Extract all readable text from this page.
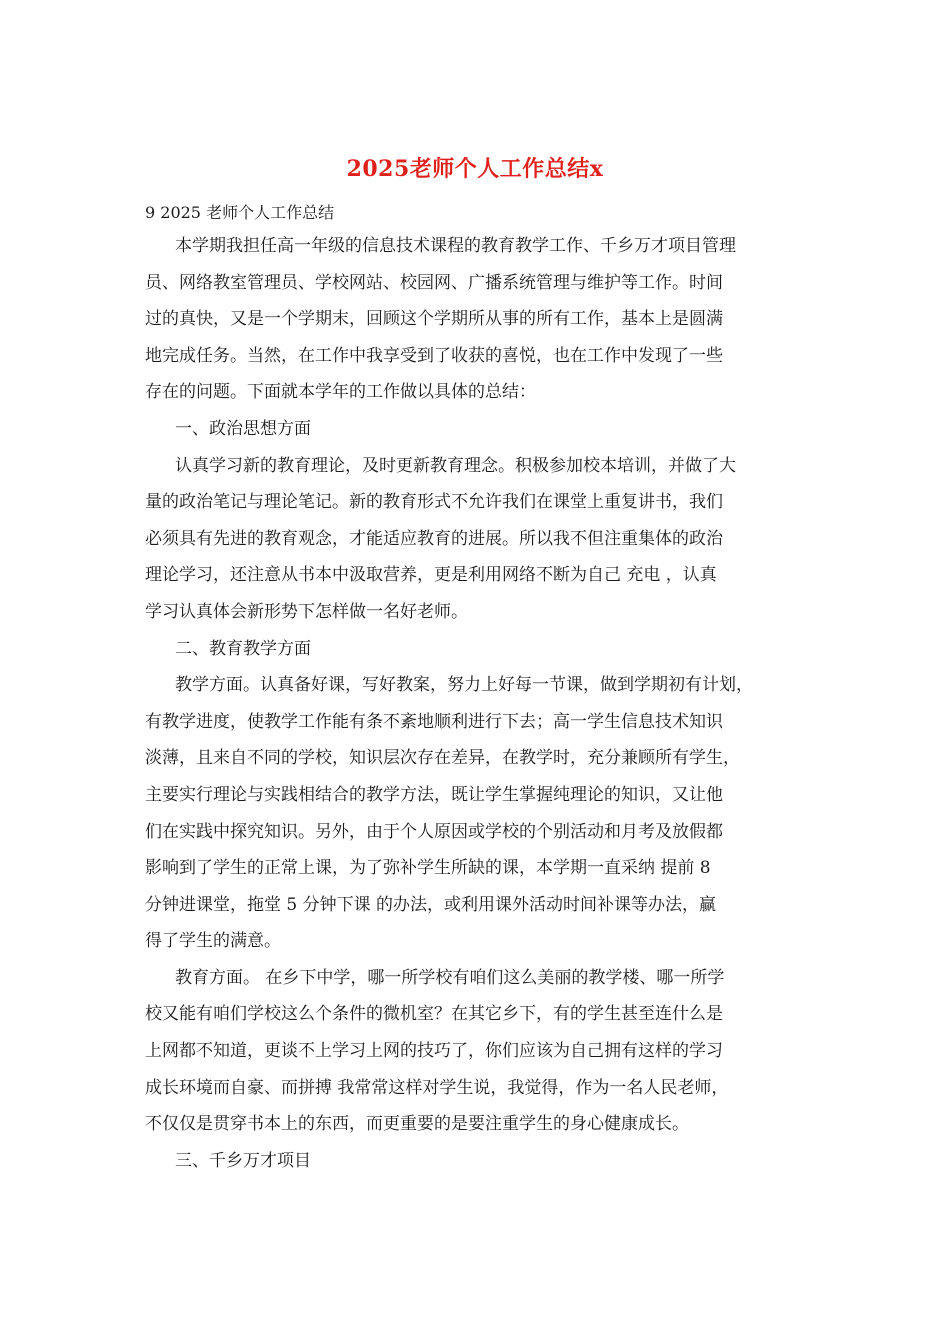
2025老师个人工作总结x
9 2025 老师个人工作总结
本学期我担任高一年级的信息技术课程的教育教学工作、千乡万才项目管理
员、网络教室管理员、学校网站、校园网、广播系统管理与维护等工作。时间
过的真快，又是一个学期末，回顾这个学期所从事的所有工作，基本上是圆满
地完成任务。当然，在工作中我享受到了收获的喜悦，也在工作中发现了一些
存在的问题。下面就本学年的工作做以具体的总结：
一、政治思想方面
认真学习新的教育理论，及时更新教育理念。积极参加校本培训，并做了大
量的政治笔记与理论笔记。新的教育形式不允许我们在课堂上重复讲书，我们
必须具有先进的教育观念，才能适应教育的进展。所以我不但注重集体的政治
理论学习，还注意从书本中汲取营养，更是利用网络不断为自己 充电 ，认真
学习认真体会新形势下怎样做一名好老师。
二、教育教学方面
教学方面。认真备好课，写好教案，努力上好每一节课，做到学期初有计划，
有教学进度，使教学工作能有条不紊地顺利进行下去；高一学生信息技术知识
淡薄，且来自不同的学校，知识层次存在差异，在教学时，充分兼顾所有学生，
主要实行理论与实践相结合的教学方法，既让学生掌握纯理论的知识，又让他
们在实践中探究知识。另外，由于个人原因或学校的个别活动和月考及放假都
影响到了学生的正常上课，为了弥补学生所缺的课，本学期一直采纳 提前 8
分钟进课堂，拖堂 5 分钟下课 的办法，或利用课外活动时间补课等办法，赢
得了学生的满意。
教育方面。 在乡下中学，哪一所学校有咱们这么美丽的教学楼、哪一所学
校又能有咱们学校这么个条件的微机室？在其它乡下，有的学生甚至连什么是
上网都不知道，更谈不上学习上网的技巧了，你们应该为自己拥有这样的学习
成长环境而自豪、而拼搏 我常常这样对学生说，我觉得，作为一名人民老师，
不仅仅是贯穿书本上的东西，而更重要的是要注重学生的身心健康成长。
三、千乡万才项目
